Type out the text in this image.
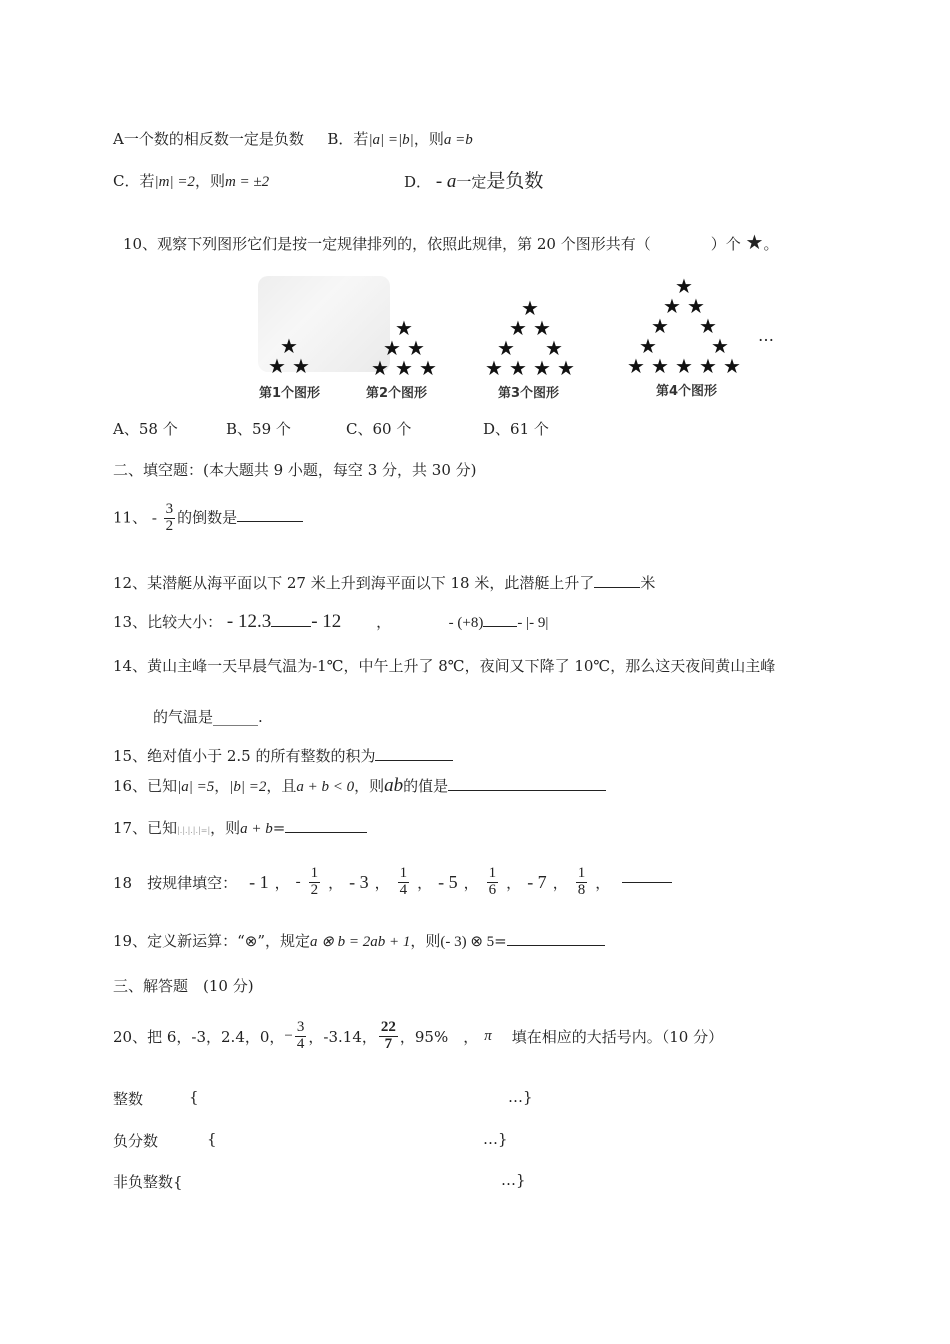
A一个数的相反数一定是负数 B．若|a| =|b|，则a =b
C．若|m| =2，则m = ±2	D． - a一定是负数
10、观察下列图形它们是按一定规律排列的，依照此规律，第 20 个图形共有（　　　　）个 ★。
★
★ ★
第1个图形
★
★ ★
★ ★ ★
第2个图形
★
★ ★
★ ★
★ ★ ★ ★
第3个图形
★
★ ★
★ ★
★	★
★ ★ ★ ★ ★
第4个图形
…
A、58 个	B、59 个	C、60 个	D、61 个
二、填空题：(本大题共 9 小题，每空 3 分，共 30 分)
11、 - $\frac{3}{2}$ 的倒数是
12、某潜艇从海平面以下 27 米上升到海平面以下 18 米，此潜艇上升了	米
13、比较大小： - 12.3 - 12 ，	- (+8) - |- 9|
14、黄山主峰一天早晨气温为-1℃，中午上升了 8℃，夜间又下降了 10℃，那么这天夜间黄山主峰
的气温是______.
15、绝对值小于 2.5 的所有整数的积为
16、已知|a| =5，|b| =2，且a + b < 0，则ab的值是
17、已知|.|.|.|.|=|，则a + b=
18　按规律填空： - 1 ， - $\frac{1}{2}$ ， - 3 ， $\frac{1}{4}$ ， - 5 ， $\frac{1}{6}$ ， - 7 ， $\frac{1}{8}$ ，
19、定义新运算：“⊗”，规定a ⊗ b = 2ab + 1，则(- 3) ⊗ 5=
三、解答题　(10 分)
20、把 6，-3，2.4，0， − $\frac{3}{4}$ ，-3.14， $\frac{22}{7}$ ，95%　， π 填在相应的大括号内。（10 分）
整数	{	…}
负分数	{	…}
非负整数{	…}
